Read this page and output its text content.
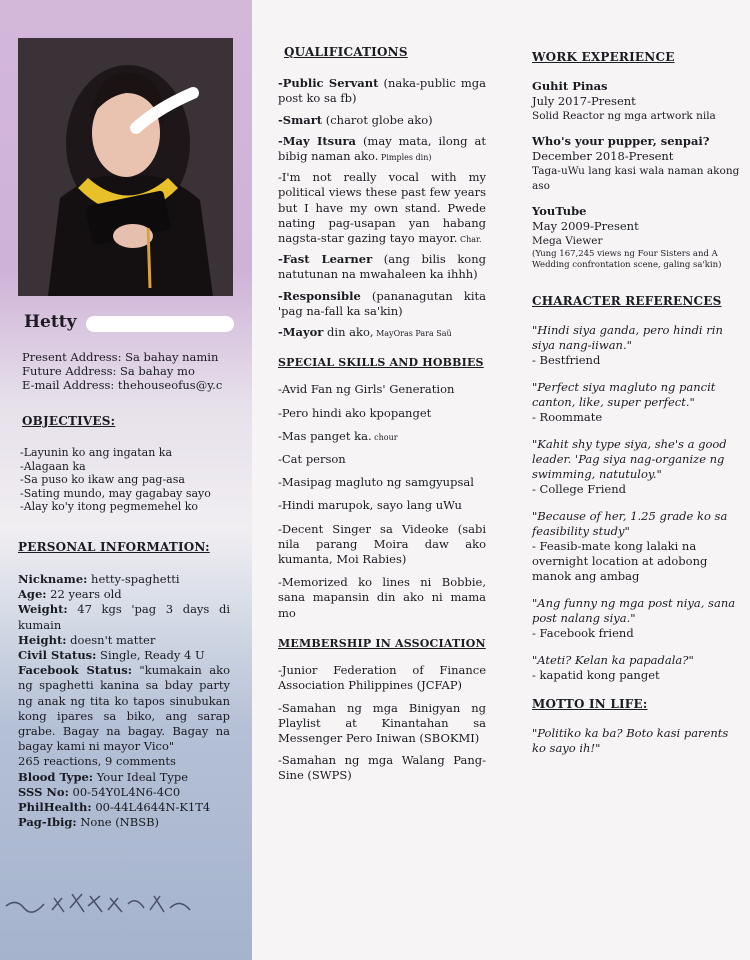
Hetty
Present Address: Sa bahay namin
Future Address: Sa bahay mo
E-mail Address: thehouseofus@y.c
OBJECTIVES:
-Layunin ko ang ingatan ka
-Alagaan ka
-Sa puso ko ikaw ang pag-asa
-Sating mundo, may gagabay sayo
-Alay ko'y itong pegmemehel ko
PERSONAL INFORMATION:
Nickname: hetty-spaghetti
Age: 22 years old
Weight: 47 kgs 'pag 3 days di kumain
Height: doesn't matter
Civil Status: Single, Ready 4 U
Facebook Status: "kumakain ako ng spaghetti kanina sa bday party ng anak ng tita ko tapos sinubukan kong ipares sa biko, ang sarap grabe. Bagay na bagay. Bagay na bagay kami ni mayor Vico"
265 reactions, 9 comments
Blood Type: Your Ideal Type
SSS No: 00-54Y0L4N6-4C0
PhilHealth: 00-44L4644N-K1T4
Pag-Ibig: None (NBSB)
QUALIFICATIONS
-Public Servant (naka-public mga post ko sa fb)
-Smart (charot globe ako)
-May Itsura (may mata, ilong at bibig naman ako. Pimples din)
-I'm not really vocal with my political views these past few years but I have my own stand. Pwede nating pag-usapan yan habang nagsta-star gazing tayo mayor. Char.
-Fast Learner (ang bilis kong natutunan na mwahaleen ka ihhh)
-Responsible (pananagutan kita 'pag na-fall ka sa'kin)
-Mayor din ako, MayOras Para Saü
SPECIAL SKILLS AND HOBBIES
-Avid Fan ng Girls' Generation
-Pero hindi ako kpopanget
-Mas panget ka. chour
-Cat person
-Masipag magluto ng samgyupsal
-Hindi marupok, sayo lang uWu
-Decent Singer sa Videoke (sabi nila parang Moira daw ako kumanta, Moi Rabies)
-Memorized ko lines ni Bobbie, sana mapansin din ako ni mama mo
MEMBERSHIP IN ASSOCIATION
-Junior Federation of Finance Association Philippines (JCFAP)
-Samahan ng mga Binigyan ng Playlist at Kinantahan sa Messenger Pero Iniwan (SBOKMI)
-Samahan ng mga Walang Pang-Sine (SWPS)
WORK EXPERIENCE
Guhit Pinas
July 2017-Present
Solid Reactor ng mga artwork nila
Who's your pupper, senpai?
December 2018-Present
Taga-uWu lang kasi wala naman akong aso
YouTube
May 2009-Present
Mega Viewer
(Yung 167,245 views ng Four Sisters and A Wedding confrontation scene, galing sa'kin)
CHARACTER REFERENCES
"Hindi siya ganda, pero hindi rin siya nang-iiwan."
- Bestfriend
"Perfect siya magluto ng pancit canton, like, super perfect."
- Roommate
"Kahit shy type siya, she's a good leader. 'Pag siya nag-organize ng swimming, natutuloy."
- College Friend
"Because of her, 1.25 grade ko sa feasibility study"
- Feasib-mate kong lalaki na overnight location at adobong manok ang ambag
"Ang funny ng mga post niya, sana post nalang siya."
- Facebook friend
"Ateti? Kelan ka papadala?"
- kapatid kong panget
MOTTO IN LIFE:
"Politiko ka ba? Boto kasi parents ko sayo ih!"
